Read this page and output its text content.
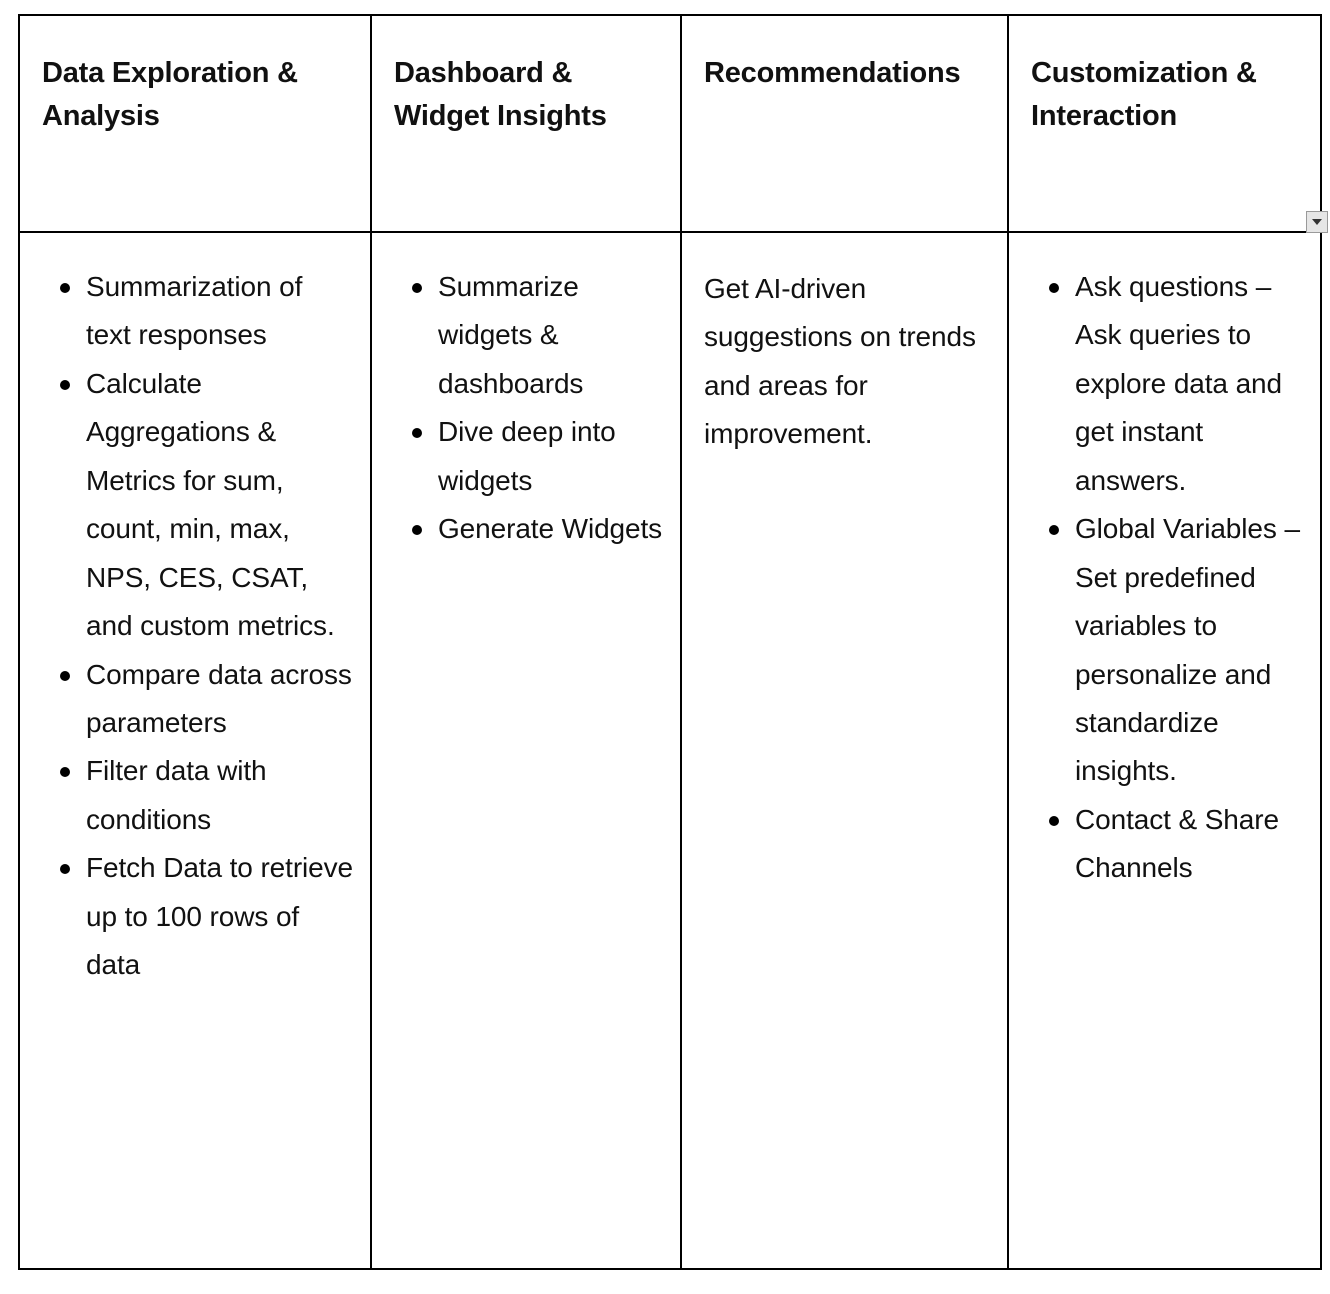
Data Exploration & Analysis	Dashboard & Widget Insights	Recommendations	Customization & Interaction

Summarization of text responses
Calculate Aggregations & Metrics for sum, count, min, max, NPS, CES, CSAT, and custom metrics.
Compare data across parameters
Filter data with conditions
Fetch Data to retrieve up to 100 rows of data

Summarize widgets & dashboards
Dive deep into widgets
Generate Widgets

Get AI-driven suggestions on trends and areas for improvement.

Ask questions – Ask queries to explore data and get instant answers.
Global Variables – Set predefined variables to personalize and standardize insights.
Contact & Share Channels
